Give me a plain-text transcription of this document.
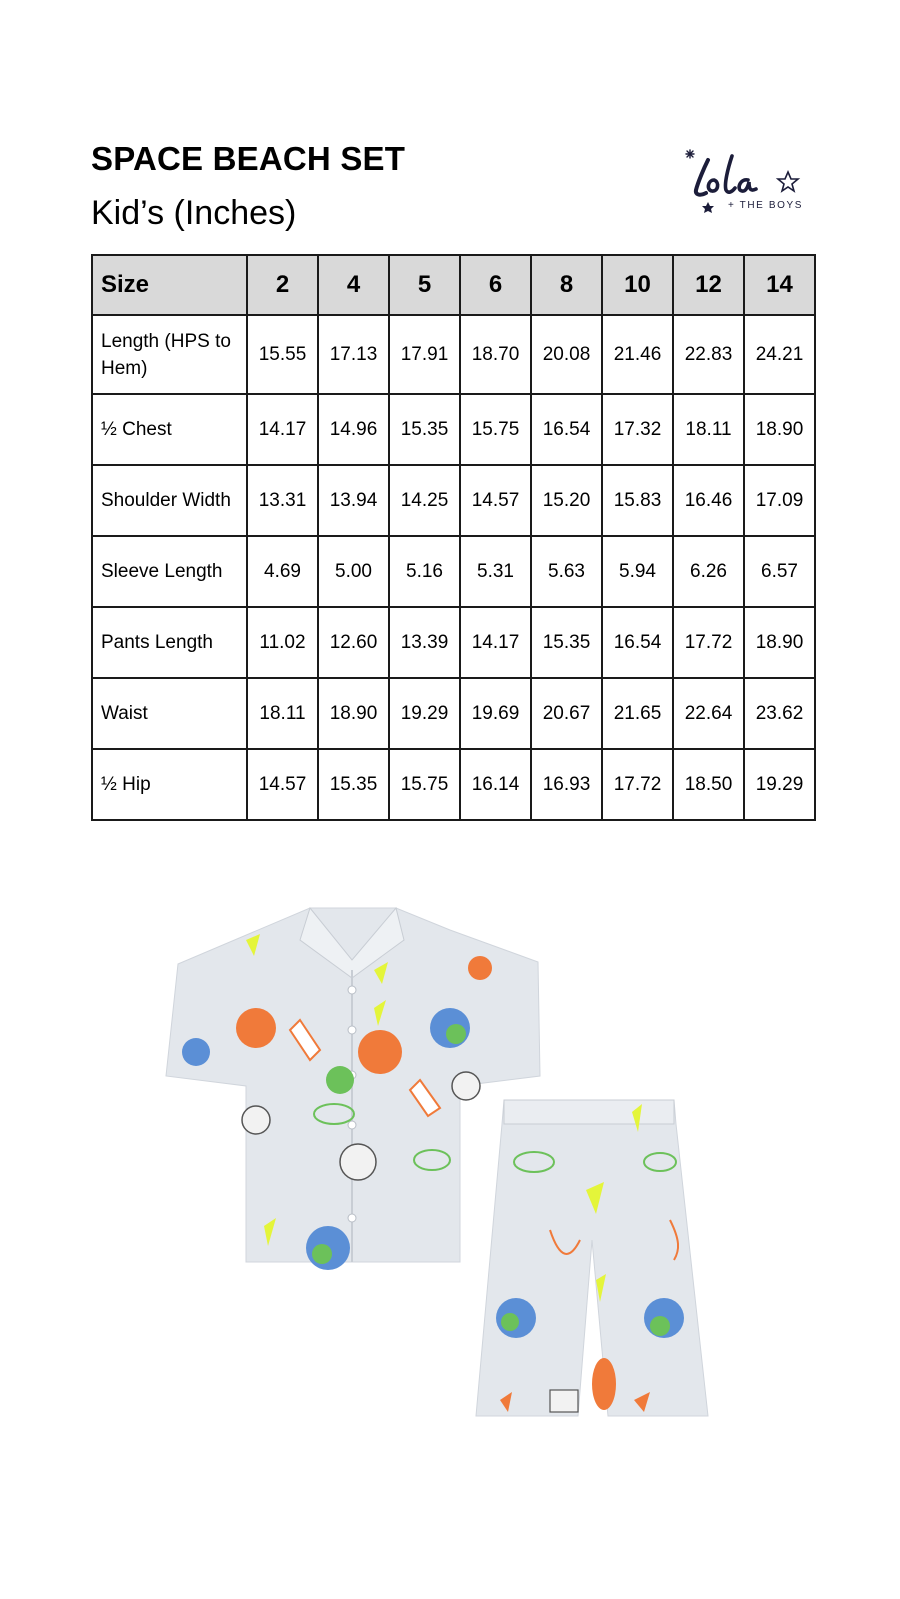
SPACE BEACH SET
Kid’s (Inches)	+ THE BOYS
Size	2	4	5	6	8	10	12	14
Length (HPS to Hem)	15.55	17.13	17.91	18.70	20.08	21.46	22.83	24.21
½ Chest	14.17	14.96	15.35	15.75	16.54	17.32	18.11	18.90
Shoulder Width	13.31	13.94	14.25	14.57	15.20	15.83	16.46	17.09
Sleeve Length	4.69	5.00	5.16	5.31	5.63	5.94	6.26	6.57
Pants Length	11.02	12.60	13.39	14.17	15.35	16.54	17.72	18.90
Waist	18.11	18.90	19.29	19.69	20.67	21.65	22.64	23.62
½ Hip	14.57	15.35	15.75	16.14	16.93	17.72	18.50	19.29
